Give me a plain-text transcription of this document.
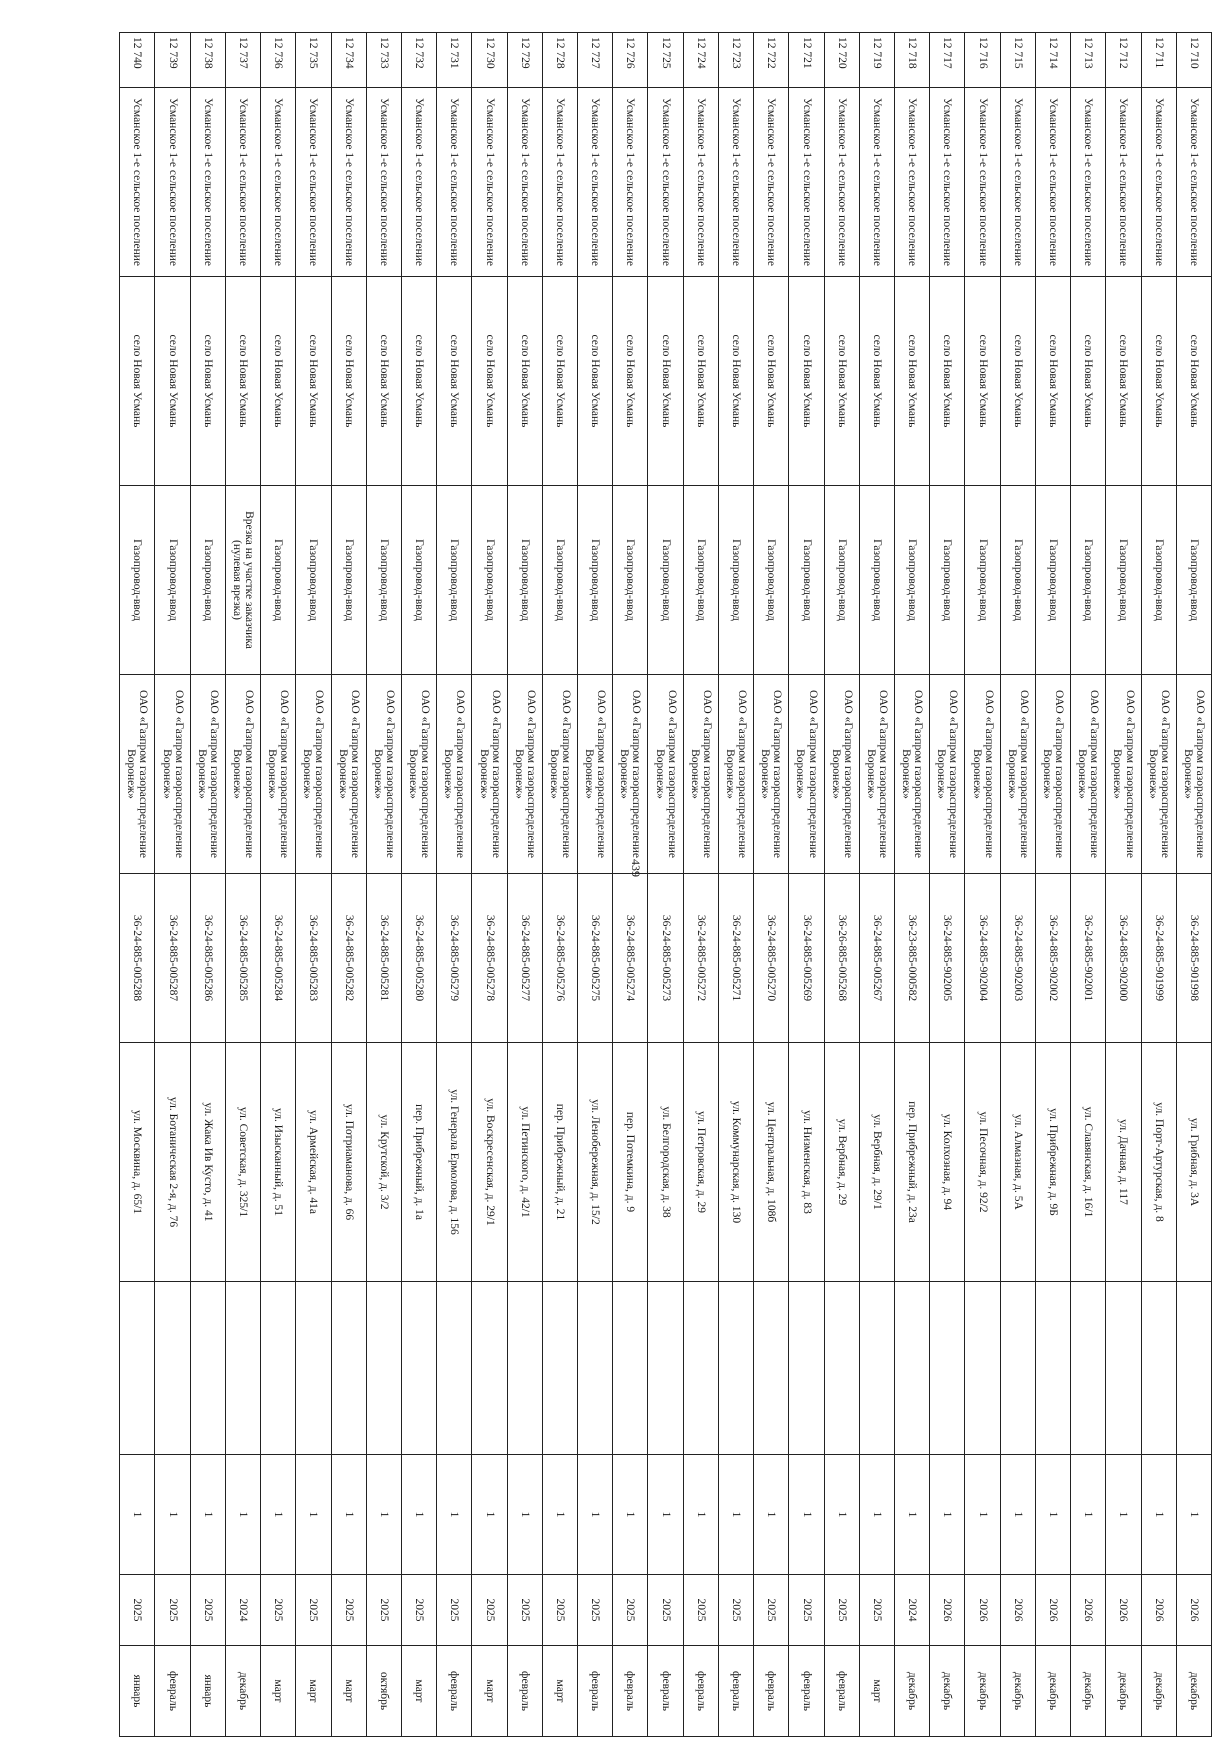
439
12 710	Усманское 1-е сельское поселение	село Новая Усмань	Газопровод-ввод	ОАО «Газпром газораспределение Воронеж»	36-24-885-901998	ул. Грибная, д. 3А		1	2026	декабрь
12 711	Усманское 1-е сельское поселение	село Новая Усмань	Газопровод-ввод	ОАО «Газпром газораспределение Воронеж»	36-24-885-901999	ул. Порт-Артурская, д. 8		1	2026	декабрь
12 712	Усманское 1-е сельское поселение	село Новая Усмань	Газопровод-ввод	ОАО «Газпром газораспределение Воронеж»	36-24-885-902000	ул. Дачная, д. 117		1	2026	декабрь
12 713	Усманское 1-е сельское поселение	село Новая Усмань	Газопровод-ввод	ОАО «Газпром газораспределение Воронеж»	36-24-885-902001	ул. Славянская, д. 16/1		1	2026	декабрь
12 714	Усманское 1-е сельское поселение	село Новая Усмань	Газопровод-ввод	ОАО «Газпром газораспределение Воронеж»	36-24-885-902002	ул. Прибрежная, д. 9Б		1	2026	декабрь
12 715	Усманское 1-е сельское поселение	село Новая Усмань	Газопровод-ввод	ОАО «Газпром газораспределение Воронеж»	36-24-885-902003	ул. Алмазная, д. 5А		1	2026	декабрь
12 716	Усманское 1-е сельское поселение	село Новая Усмань	Газопровод-ввод	ОАО «Газпром газораспределение Воронеж»	36-24-885-902004	ул. Песочная, д. 92/2		1	2026	декабрь
12 717	Усманское 1-е сельское поселение	село Новая Усмань	Газопровод-ввод	ОАО «Газпром газораспределение Воронеж»	36-24-885-902005	ул. Колхозная, д. 94		1	2026	декабрь
12 718	Усманское 1-е сельское поселение	село Новая Усмань	Газопровод-ввод	ОАО «Газпром газораспределение Воронеж»	36-23-885-000582	пер. Прибрежный, д. 23а		1	2024	декабрь
12 719	Усманское 1-е сельское поселение	село Новая Усмань	Газопровод-ввод	ОАО «Газпром газораспределение Воронеж»	36-24-885-005267	ул. Вербная, д. 29/1		1	2025	март
12 720	Усманское 1-е сельское поселение	село Новая Усмань	Газопровод-ввод	ОАО «Газпром газораспределение Воронеж»	36-26-885-005268	ул. Вербная, д. 29		1	2025	февраль
12 721	Усманское 1-е сельское поселение	село Новая Усмань	Газопровод-ввод	ОАО «Газпром газораспределение Воронеж»	36-24-885-005269	ул. Низменская, д. 83		1	2025	февраль
12 722	Усманское 1-е сельское поселение	село Новая Усмань	Газопровод-ввод	ОАО «Газпром газораспределение Воронеж»	36-24-885-005270	ул. Центральная, д. 108б		1	2025	февраль
12 723	Усманское 1-е сельское поселение	село Новая Усмань	Газопровод-ввод	ОАО «Газпром газораспределение Воронеж»	36-24-885-005271	ул. Коммунарская, д. 130		1	2025	февраль
12 724	Усманское 1-е сельское поселение	село Новая Усмань	Газопровод-ввод	ОАО «Газпром газораспределение Воронеж»	36-24-885-005272	ул. Петровская, д. 29		1	2025	февраль
12 725	Усманское 1-е сельское поселение	село Новая Усмань	Газопровод-ввод	ОАО «Газпром газораспределение Воронеж»	36-24-885-005273	ул. Белгородская, д. 38		1	2025	февраль
12 726	Усманское 1-е сельское поселение	село Новая Усмань	Газопровод-ввод	ОАО «Газпром газораспределение Воронеж»	36-24-885-005274	пер. Потемкина, д. 9		1	2025	февраль
12 727	Усманское 1-е сельское поселение	село Новая Усмань	Газопровод-ввод	ОАО «Газпром газораспределение Воронеж»	36-24-885-005275	ул. Ленобережная, д. 15/2		1	2025	февраль
12 728	Усманское 1-е сельское поселение	село Новая Усмань	Газопровод-ввод	ОАО «Газпром газораспределение Воронеж»	36-24-885-005276	пер. Прибрежный, д. 21		1	2025	март
12 729	Усманское 1-е сельское поселение	село Новая Усмань	Газопровод-ввод	ОАО «Газпром газораспределение Воронеж»	36-24-885-005277	ул. Петинского, д. 42/1		1	2025	февраль
12 730	Усманское 1-е сельское поселение	село Новая Усмань	Газопровод-ввод	ОАО «Газпром газораспределение Воронеж»	36-24-885-005278	ул. Воскресенская, д. 29/1		1	2025	март
12 731	Усманское 1-е сельское поселение	село Новая Усмань	Газопровод-ввод	ОАО «Газпром газораспределение Воронеж»	36-24-885-005279	ул. Генерала Ермолова, д. 156		1	2025	февраль
12 732	Усманское 1-е сельское поселение	село Новая Усмань	Газопровод-ввод	ОАО «Газпром газораспределение Воронеж»	36-24-885-005280	пер. Прибрежный, д. 1а		1	2025	март
12 733	Усманское 1-е сельское поселение	село Новая Усмань	Газопровод-ввод	ОАО «Газпром газораспределение Воронеж»	36-24-885-005281	ул. Крутской, д. 3/2		1	2025	октябрь
12 734	Усманское 1-е сельское поселение	село Новая Усмань	Газопровод-ввод	ОАО «Газпром газораспределение Воронеж»	36-24-885-005282	ул. Потриаманова, д. 66		1	2025	март
12 735	Усманское 1-е сельское поселение	село Новая Усмань	Газопровод-ввод	ОАО «Газпром газораспределение Воронеж»	36-24-885-005283	ул. Армейская, д. 41а		1	2025	март
12 736	Усманское 1-е сельское поселение	село Новая Усмань	Газопровод-ввод	ОАО «Газпром газораспределение Воронеж»	36-24-885-005284	ул. Изысканный, д. 51		1	2025	март
12 737	Усманское 1-е сельское поселение	село Новая Усмань	Врезка на участке заказчика (нулевая врезка)	ОАО «Газпром газораспределение Воронеж»	36-24-885-005285	ул. Советская, д. 325/1		1	2024	декабрь
12 738	Усманское 1-е сельское поселение	село Новая Усмань	Газопровод-ввод	ОАО «Газпром газораспределение Воронеж»	36-24-885-005286	ул. Жака Ив Кусто, д. 41		1	2025	январь
12 739	Усманское 1-е сельское поселение	село Новая Усмань	Газопровод-ввод	ОАО «Газпром газораспределение Воронеж»	36-24-885-005287	ул. Ботаническая 2-я, д. 76		1	2025	февраль
12 740	Усманское 1-е сельское поселение	село Новая Усмань	Газопровод-ввод	ОАО «Газпром газораспределение Воронеж»	36-24-885-005288	ул. Москвина, д. 65/1		1	2025	январь
